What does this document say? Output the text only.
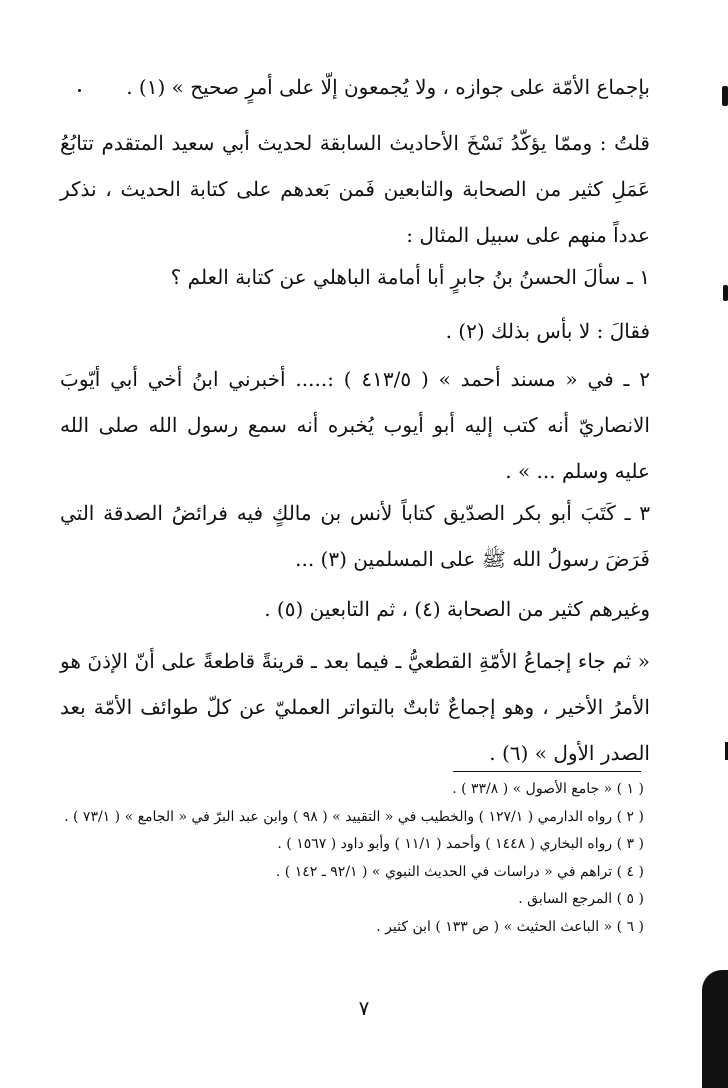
بإجماع الأمّة على جوازه ، ولا يُجمعون إلّا على أمرٍ صحيح » (١) .

قلتُ : وممّا يؤكّدُ نَسْخَ الأحاديث السابقة لحديث أبي سعيد المتقدم تتابُعُ عَمَلِ كثير من الصحابة والتابعين فَمن بَعدهم على كتابة الحديث ، نذكر عدداً منهم على سبيل المثال :

١ ـ سألَ الحسنُ بنُ جابرٍ أبا أمامة الباهلي عن كتابة العلم ؟

فقالَ : لا بأس بذلك (٢) .

٢ ـ في « مسند أحمد » ( ٤١٣/٥ ) :..... أخبرني ابنُ أخي أبي أيّوبَ الانصاريّ أنه كتب إليه أبو أيوب يُخبره أنه سمع رسول الله صلى الله عليه وسلم ... » .

٣ ـ كَتَبَ أبو بكر الصدّيق كتاباً لأنس بن مالكٍ فيه فرائضُ الصدقة التي فَرَضَ رسولُ الله ﷺ على المسلمين (٣) ...

وغيرهم كثير من الصحابة (٤) ، ثم التابعين (٥) .

« ثم جاء إجماعُ الأمّةِ القطعيُّ ـ فيما بعد ـ قرينةً قاطعةً على أنّ الإذنَ هو الأمرُ الأخير ، وهو إجماعٌ ثابتٌ بالتواتر العمليّ عن كلّ طوائف الأمّة بعد الصدر الأول » (٦) .

( ١ ) « جامع الأصول » ( ٣٣/٨ ) .
( ٢ ) رواه الدارمي ( ١٢٧/١ ) والخطيب في « التقييد » ( ٩٨ ) وابن عبد البرّ في « الجامع » ( ٧٣/١ ) .
( ٣ ) رواه البخاري ( ١٤٤٨ ) وأحمد ( ١١/١ ) وأبو داود ( ١٥٦٧ ) .
( ٤ ) تراهم في « دراسات في الحديث النبوي » ( ٩٢/١ ـ ١٤٢ ) .
( ٥ ) المرجع السابق .
( ٦ ) « الباعث الحثيث » ( ص ١٣٣ ) ابن كثير .
٧
